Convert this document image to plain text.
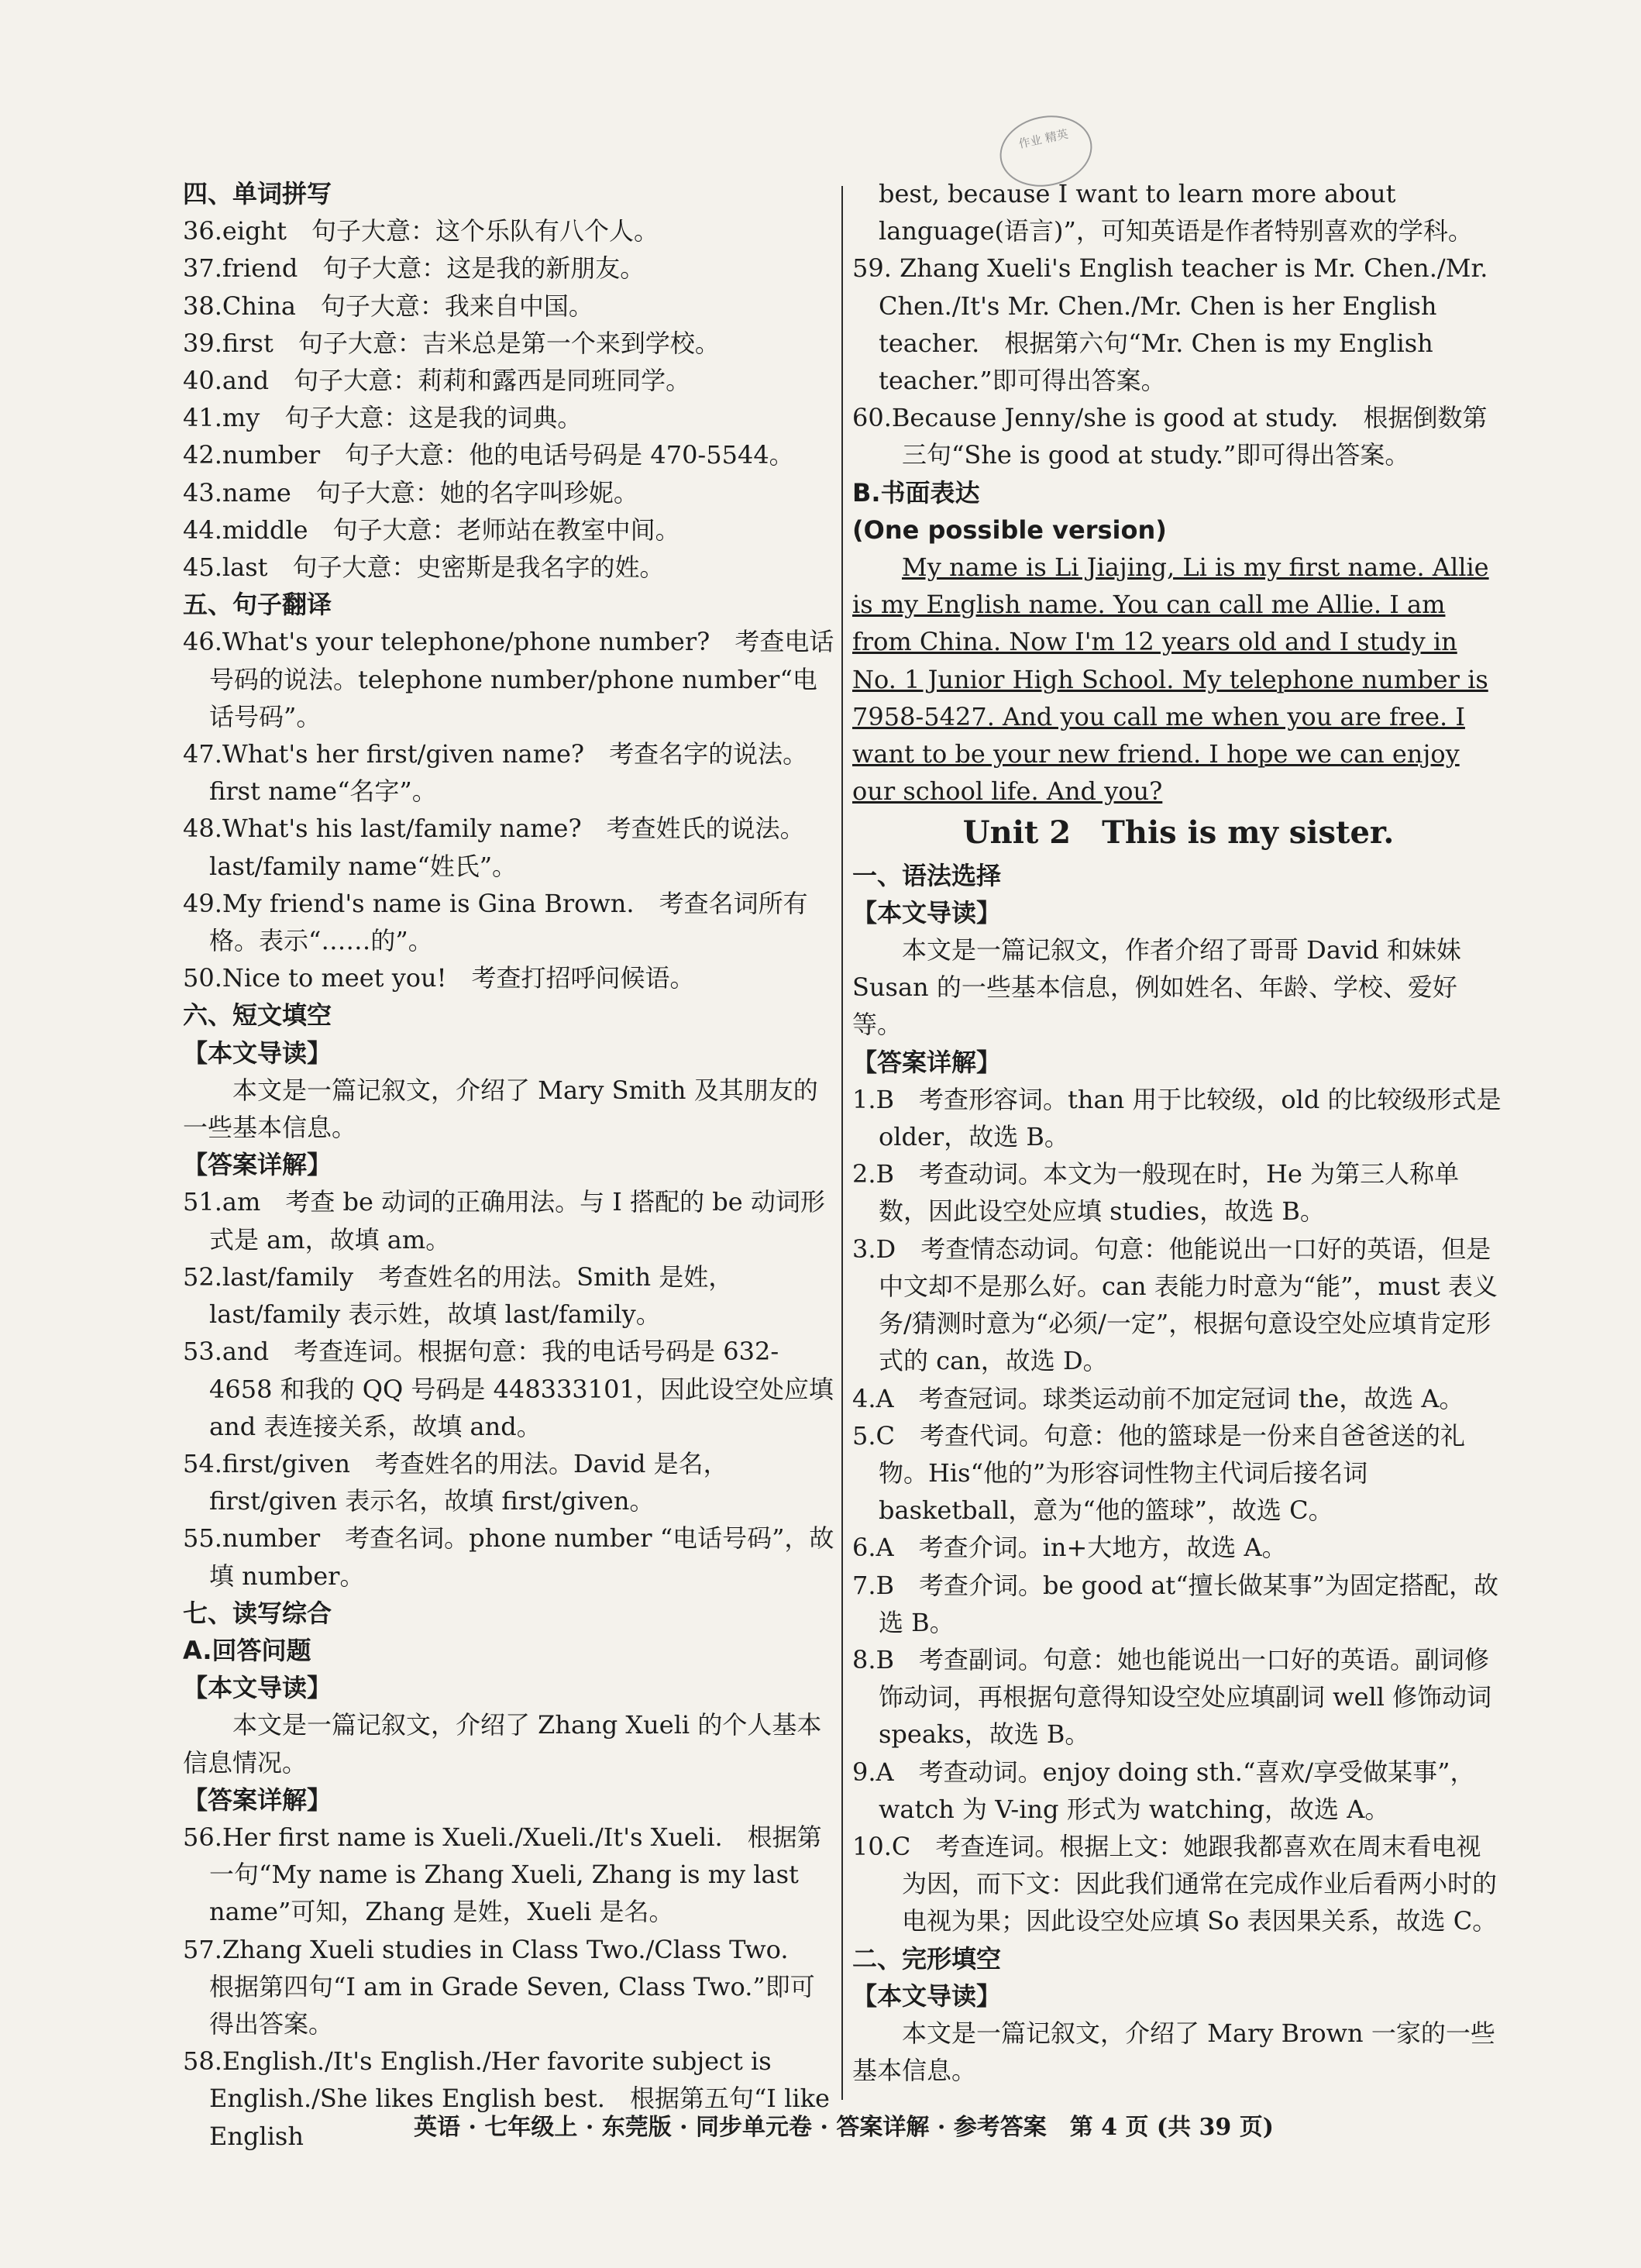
作业 精英

四、单词拼写

36.eight　句子大意：这个乐队有八个人。

37.friend　句子大意：这是我的新朋友。

38.China　句子大意：我来自中国。

39.first　句子大意：吉米总是第一个来到学校。

40.and　句子大意：莉莉和露西是同班同学。

41.my　句子大意：这是我的词典。

42.number　句子大意：他的电话号码是 470-5544。

43.name　句子大意：她的名字叫珍妮。

44.middle　句子大意：老师站在教室中间。

45.last　句子大意：史密斯是我名字的姓。

五、句子翻译

46.What's your telephone/phone number?　考查电话号码的说法。telephone number/phone number“电话号码”。

47.What's her first/given name?　考查名字的说法。first name“名字”。

48.What's his last/family name?　考查姓氏的说法。last/family name“姓氏”。

49.My friend's name is Gina Brown.　考查名词所有格。表示“……的”。

50.Nice to meet you!　考查打招呼问候语。

六、短文填空

【本文导读】

本文是一篇记叙文，介绍了 Mary Smith 及其朋友的一些基本信息。

【答案详解】

51.am　考查 be 动词的正确用法。与 I 搭配的 be 动词形式是 am，故填 am。

52.last/family　考查姓名的用法。Smith 是姓，last/family 表示姓，故填 last/family。

53.and　考查连词。根据句意：我的电话号码是 632-4658 和我的 QQ 号码是 448333101，因此设空处应填 and 表连接关系，故填 and。

54.first/given　考查姓名的用法。David 是名，first/given 表示名，故填 first/given。

55.number　考查名词。phone number “电话号码”，故填 number。

七、读写综合

A.回答问题

【本文导读】

本文是一篇记叙文，介绍了 Zhang Xueli 的个人基本信息情况。

【答案详解】

56.Her first name is Xueli./Xueli./It's Xueli.　根据第一句“My name is Zhang Xueli, Zhang is my last name”可知，Zhang 是姓，Xueli 是名。

57.Zhang Xueli studies in Class Two./Class Two.　根据第四句“I am in Grade Seven, Class Two.”即可得出答案。

58.English./It's English./Her favorite subject is English./She likes English best.　根据第五句“I like English

best, because I want to learn more about language(语言)”，可知英语是作者特别喜欢的学科。

59. Zhang Xueli's English teacher is Mr. Chen./Mr. Chen./It's Mr. Chen./Mr. Chen is her English teacher.　根据第六句“Mr. Chen is my English teacher.”即可得出答案。

60.Because Jenny/she is good at study.　根据倒数第三句“She is good at study.”即可得出答案。

B.书面表达

(One possible version)

My name is Li Jiajing, Li is my first name. Allie is my English name. You can call me Allie. I am from China. Now I'm 12 years old and I study in No. 1 Junior High School. My telephone number is 7958-5427. And you call me when you are free. I want to be your new friend. I hope we can enjoy our school life. And you?

Unit 2　This is my sister.

一、语法选择

【本文导读】

本文是一篇记叙文，作者介绍了哥哥 David 和妹妹 Susan 的一些基本信息，例如姓名、年龄、学校、爱好等。

【答案详解】

1.B　考查形容词。than 用于比较级，old 的比较级形式是 older，故选 B。

2.B　考查动词。本文为一般现在时，He 为第三人称单数，因此设空处应填 studies，故选 B。

3.D　考查情态动词。句意：他能说出一口好的英语，但是中文却不是那么好。can 表能力时意为“能”，must 表义务/猜测时意为“必须/一定”，根据句意设空处应填肯定形式的 can，故选 D。

4.A　考查冠词。球类运动前不加定冠词 the，故选 A。

5.C　考查代词。句意：他的篮球是一份来自爸爸送的礼物。His“他的”为形容词性物主代词后接名词 basketball，意为“他的篮球”，故选 C。

6.A　考查介词。in+大地方，故选 A。

7.B　考查介词。be good at“擅长做某事”为固定搭配，故选 B。

8.B　考查副词。句意：她也能说出一口好的英语。副词修饰动词，再根据句意得知设空处应填副词 well 修饰动词 speaks，故选 B。

9.A　考查动词。enjoy doing sth.“喜欢/享受做某事”，watch 为 V-ing 形式为 watching，故选 A。

10.C　考查连词。根据上文：她跟我都喜欢在周末看电视为因，而下文：因此我们通常在完成作业后看两小时的电视为果；因此设空处应填 So 表因果关系，故选 C。

二、完形填空

【本文导读】

本文是一篇记叙文，介绍了 Mary Brown 一家的一些基本信息。

英语 · 七年级上 · 东莞版 · 同步单元卷 · 答案详解 · 参考答案　第 4 页 (共 39 页)
